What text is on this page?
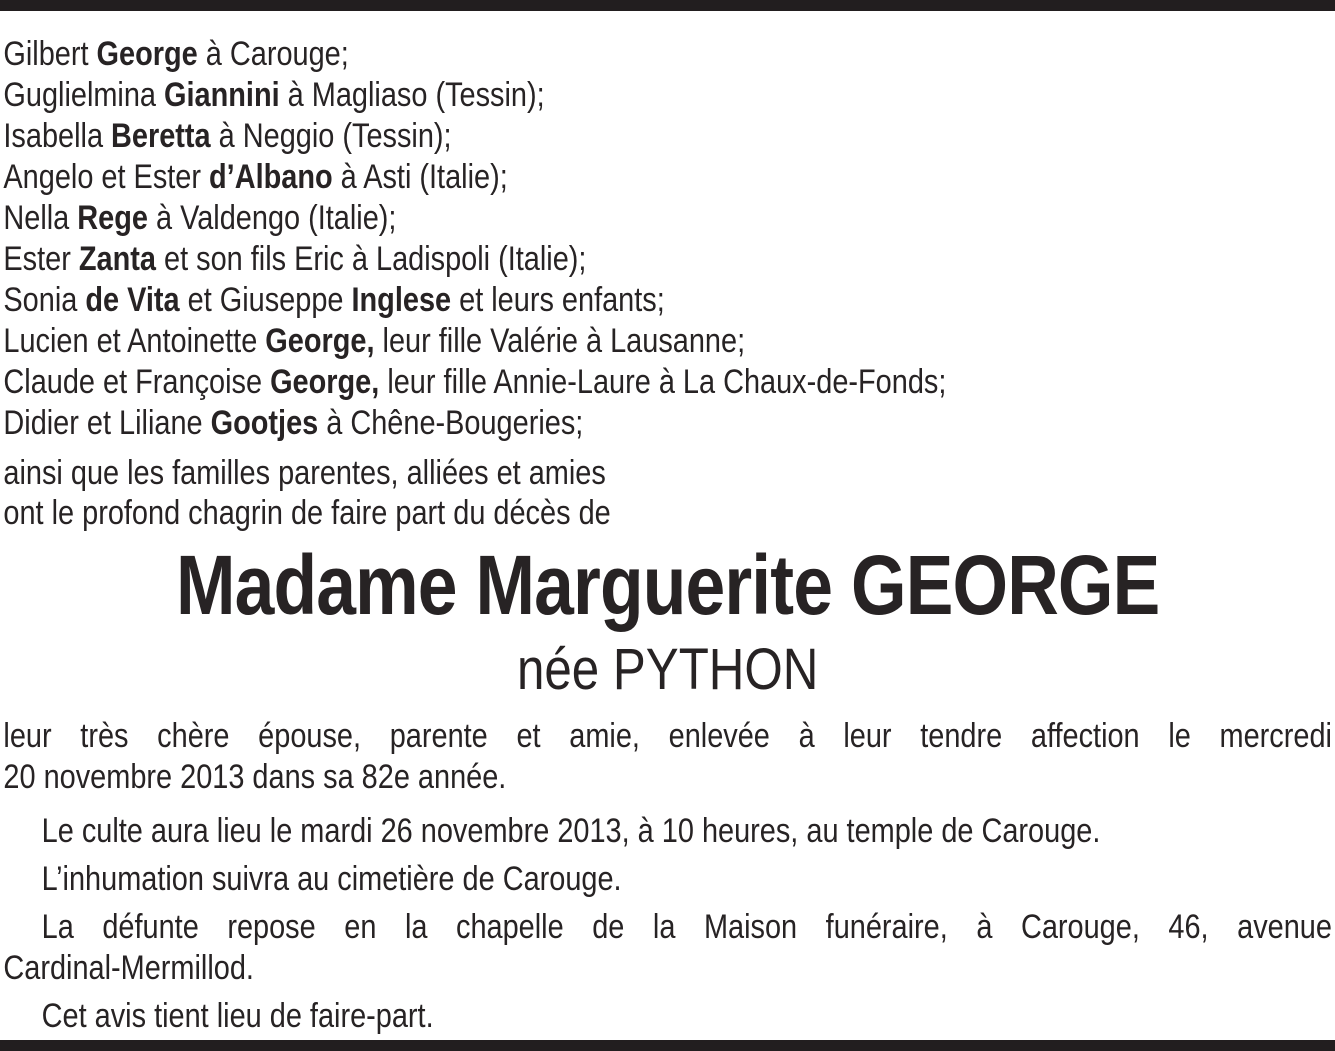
Gilbert George à Carouge;
Guglielmina Giannini à Magliaso (Tessin);
Isabella Beretta à Neggio (Tessin);
Angelo et Ester d’Albano à Asti (Italie);
Nella Rege à Valdengo (Italie);
Ester Zanta et son fils Eric à Ladispoli (Italie);
Sonia de Vita et Giuseppe Inglese et leurs enfants;
Lucien et Antoinette George, leur fille Valérie à Lausanne;
Claude et Françoise George, leur fille Annie-Laure à La Chaux-de-Fonds;
Didier et Liliane Gootjes à Chêne-Bougeries;
ainsi que les familles parentes, alliées et amies
ont le profond chagrin de faire part du décès de
Madame Marguerite GEORGE
née PYTHON
leur très chère épouse, parente et amie, enlevée à leur tendre affection le mercredi
20 novembre 2013 dans sa 82e année.
Le culte aura lieu le mardi 26 novembre 2013, à 10 heures, au temple de Carouge.
L’inhumation suivra au cimetière de Carouge.
La défunte repose en la chapelle de la Maison funéraire, à Carouge, 46, avenue
Cardinal-Mermillod.
Cet avis tient lieu de faire-part.
